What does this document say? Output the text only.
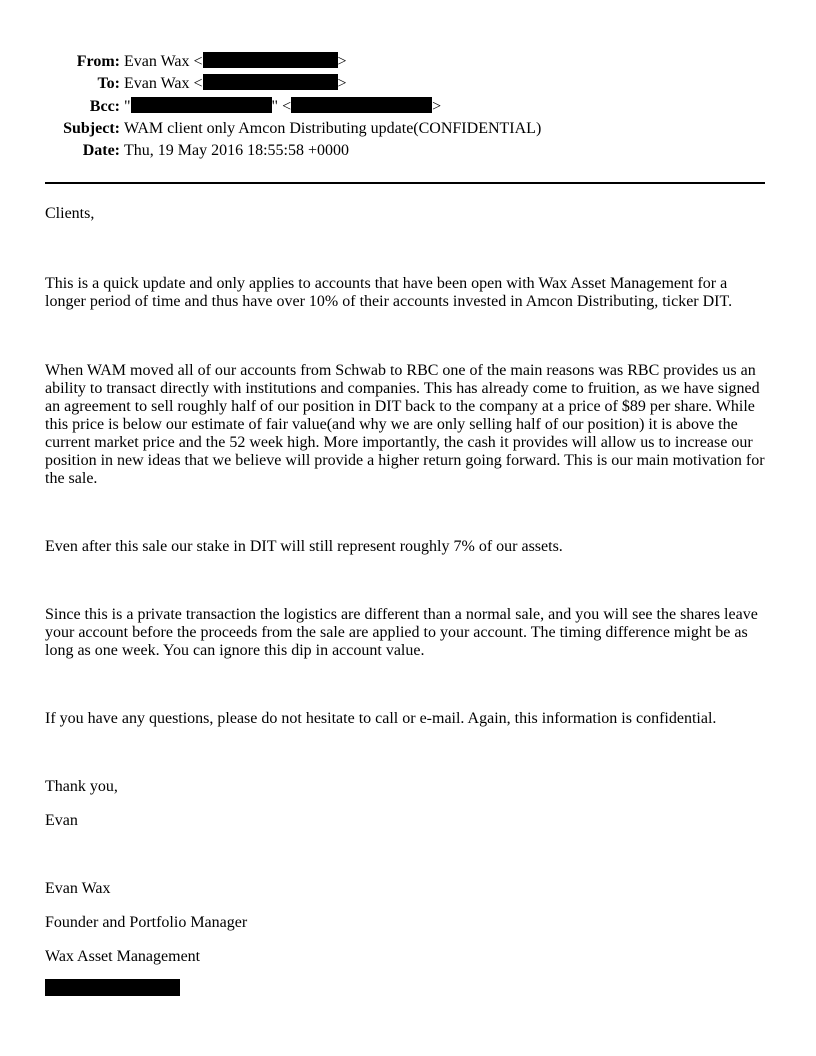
From: Evan Wax <	>
To: Evan Wax <	>
Bcc: "	" <	>
Subject: WAM client only Amcon Distributing update(CONFIDENTIAL)
Date: Thu, 19 May 2016 18:55:58 +0000

Clients,

This is a quick update and only applies to accounts that have been open with Wax Asset Management for a longer period of time and thus have over 10% of their accounts invested in Amcon Distributing, ticker DIT.

When WAM moved all of our accounts from Schwab to RBC one of the main reasons was RBC provides us an ability to transact directly with institutions and companies. This has already come to fruition, as we have signed an agreement to sell roughly half of our position in DIT back to the company at a price of $89 per share. While this price is below our estimate of fair value(and why we are only selling half of our position) it is above the current market price and the 52 week high. More importantly, the cash it provides will allow us to increase our position in new ideas that we believe will provide a higher return going forward. This is our main motivation for the sale.

Even after this sale our stake in DIT will still represent roughly 7% of our assets.

Since this is a private transaction the logistics are different than a normal sale, and you will see the shares leave your account before the proceeds from the sale are applied to your account. The timing difference might be as long as one week. You can ignore this dip in account value.

If you have any questions, please do not hesitate to call or e-mail. Again, this information is confidential.

Thank you,

Evan

Evan Wax

Founder and Portfolio Manager

Wax Asset Management
